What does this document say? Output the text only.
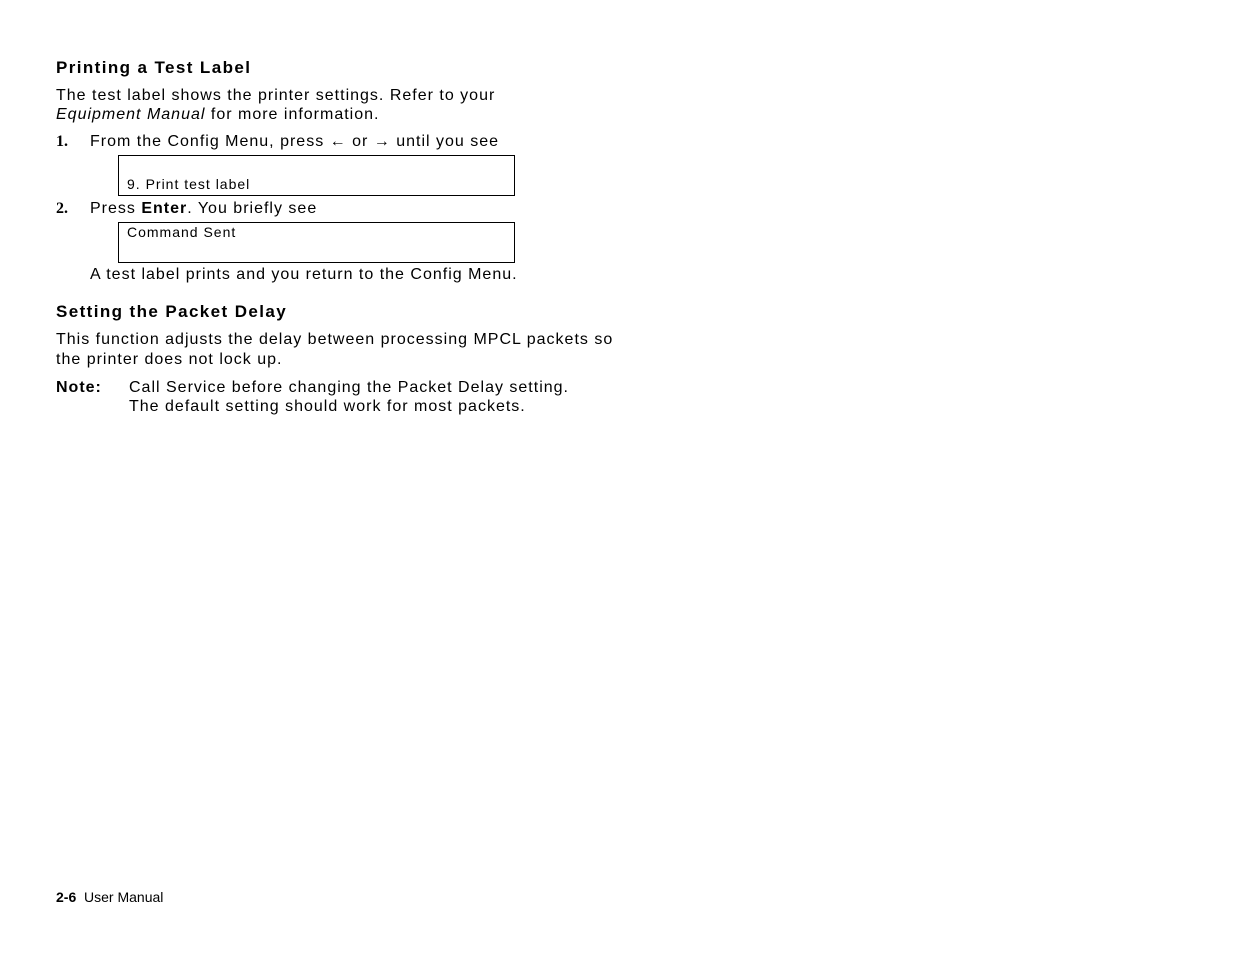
Printing a Test Label
The test label shows the printer settings. Refer to your
Equipment Manual for more information.
1. From the Config Menu, press ← or → until you see
9. Print test label
2. Press Enter. You briefly see
Command Sent
A test label prints and you return to the Config Menu.
Setting the Packet Delay
This function adjusts the delay between processing MPCL packets so
the printer does not lock up.
Note: Call Service before changing the Packet Delay setting.
The default setting should work for most packets.
2-6 User Manual
